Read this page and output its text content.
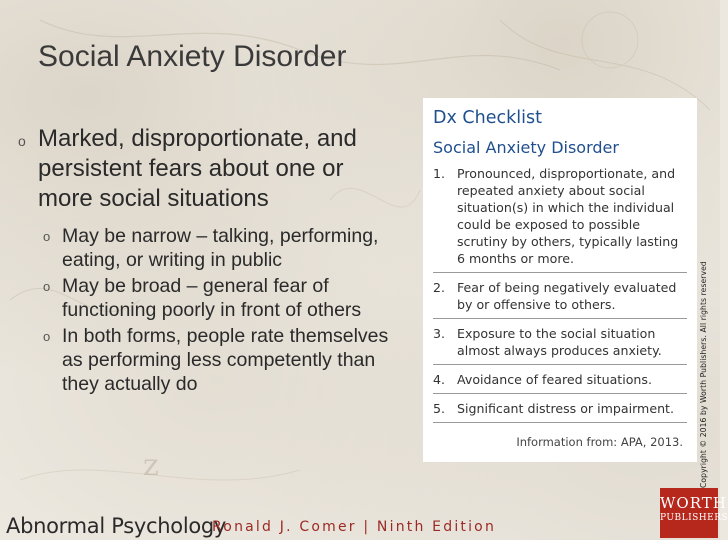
Social Anxiety Disorder
o Marked, disproportionate, and persistent fears about one or more social situations
o May be narrow – talking, performing, eating, or writing in public
o May be broad – general fear of functioning poorly in front of others
o In both forms, people rate themselves as performing less competently than they actually do
Dx Checklist
Social Anxiety Disorder
1. Pronounced, disproportionate, and repeated anxiety about social situation(s) in which the individual could be exposed to possible scrutiny by others, typically lasting 6 months or more.
2. Fear of being negatively evaluated by or offensive to others.
3. Exposure to the social situation almost always produces anxiety.
4. Avoidance of feared situations.
5. Significant distress or impairment.
Information from: APA, 2013.	Copyright © 2016 by Worth Publishers. All rights reserved
z
Abnormal Psychology
Ronald J. Comer | Ninth Edition
WORTH
PUBLISHERS
